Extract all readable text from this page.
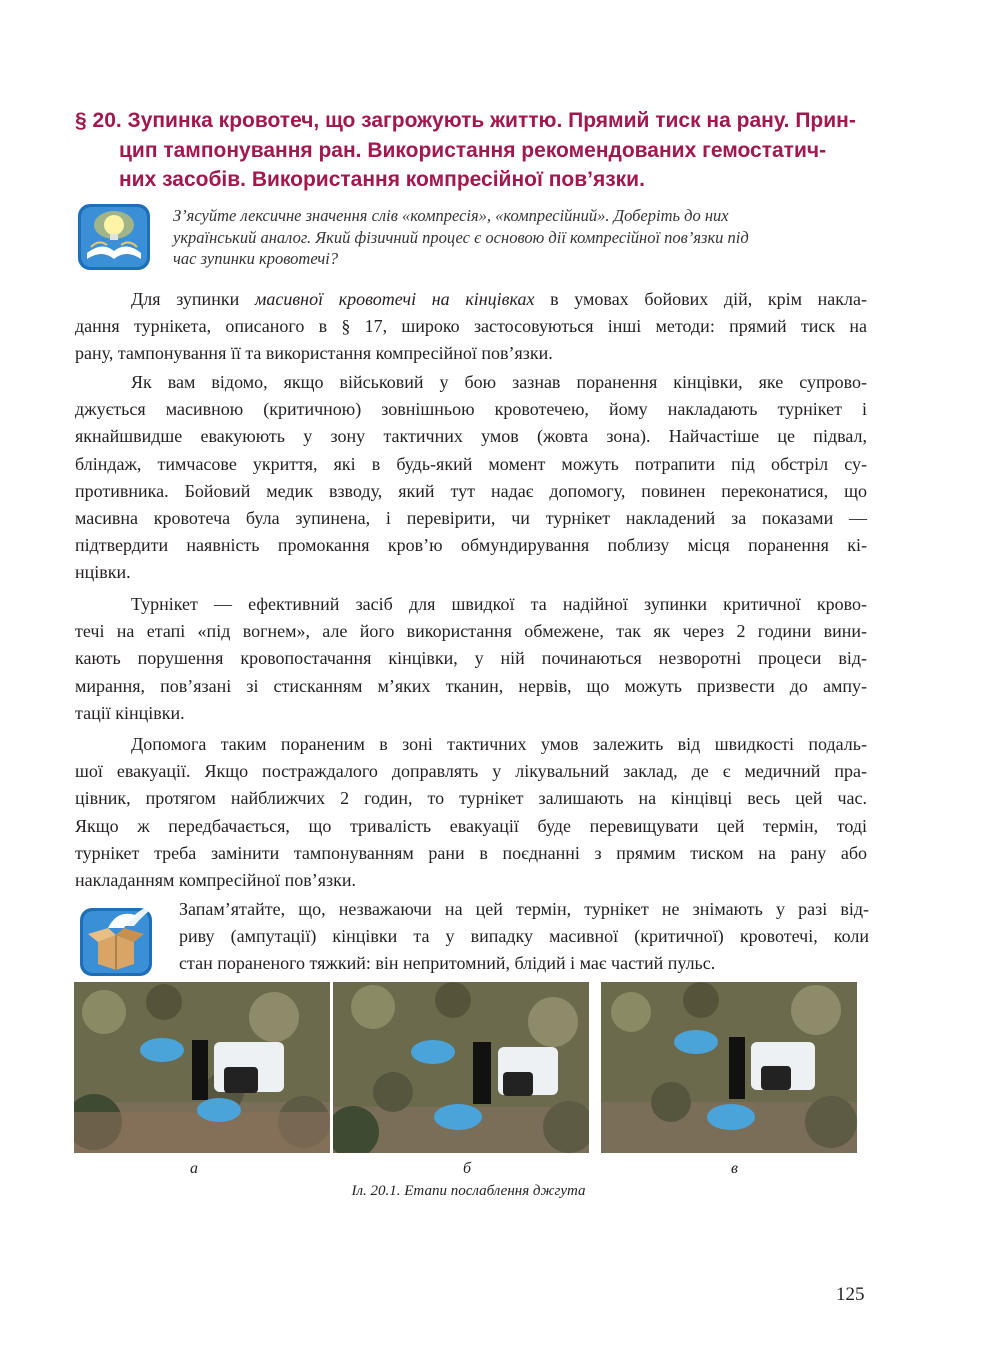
§ 20. Зупинка кровотеч, що загрожують життю. Прямий тиск на рану. Прин-
цип тампонування ран. Використання рекомендованих гемостатич-
них засобів. Використання компресійної пов’язки.
З’ясуйте лексичне значення слів «компресія», «компресійний». Доберіть до них
український аналог. Який фізичний процес є основою дії компресійної пов’язки під
час зупинки кровотечі?
Для зупинки масивної кровотечі на кінцівках в умовах бойових дій, крім накла-
дання турнікета, описаного в § 17, широко застосовуються інші методи: прямий тиск на
рану, тампонування її та використання компресійної пов’язки.
Як вам відомо, якщо військовий у бою зазнав поранення кінцівки, яке супрово-
джується масивною (критичною) зовнішньою кровотечею, йому накладають турнікет і
якнайшвидше евакуюють у зону тактичних умов (жовта зона). Найчастіше це підвал,
бліндаж, тимчасове укриття, які в будь-який момент можуть потрапити під обстріл су-
противника. Бойовий медик взводу, який тут надає допомогу, повинен переконатися, що
масивна кровотеча була зупинена, і перевірити, чи турнікет накладений за показами —
підтвердити наявність промокання кров’ю обмундирування поблизу місця поранення кі-
нцівки.
Турнікет — ефективний засіб для швидкої та надійної зупинки критичної крово-
течі на етапі «під вогнем», але його використання обмежене, так як через 2 години вини-
кають порушення кровопостачання кінцівки, у ній починаються незворотні процеси від-
мирання, пов’язані зі стисканням м’яких тканин, нервів, що можуть призвести до ампу-
тації кінцівки.
Допомога таким пораненим в зоні тактичних умов залежить від швидкості подаль-
шої евакуації. Якщо постраждалого доправлять у лікувальний заклад, де є медичний пра-
цівник, протягом найближчих 2 годин, то турнікет залишають на кінцівці весь цей час.
Якщо ж передбачається, що тривалість евакуації буде перевищувати цей термін, тоді
турнікет треба замінити тампонуванням рани в поєднанні з прямим тиском на рану або
накладанням компресійної пов’язки.
Запам’ятайте, що, незважаючи на цей термін, турнікет не знімають у разі від-
риву (ампутації) кінцівки та у випадку масивної (критичної) кровотечі, коли
стан пораненого тяжкий: він непритомний, блідий і має частий пульс.
а	б	в
Іл. 20.1. Етапи послаблення джгута
125
